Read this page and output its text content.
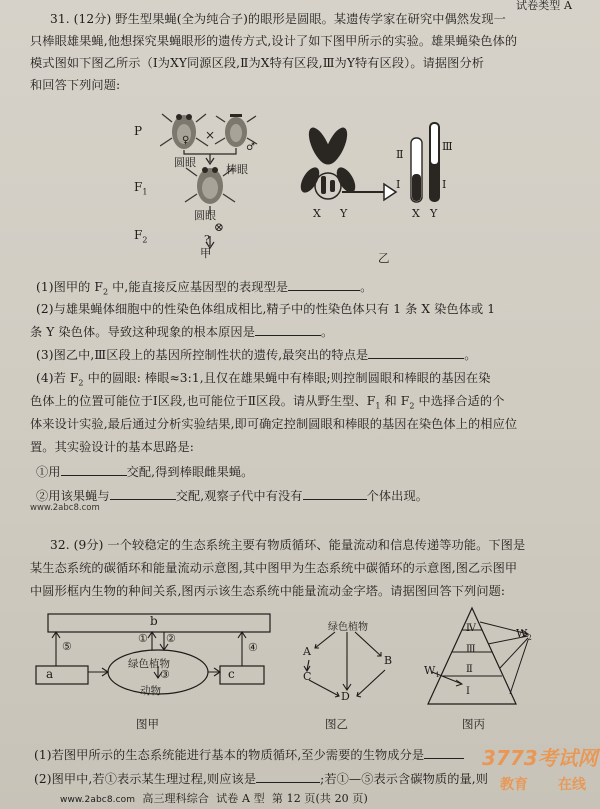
试卷类型 A
31. (12分) 野生型果蝇(全为纯合子)的眼形是圆眼。某遗传学家在研究中偶然发现一
只棒眼雄果蝇,他想探究果蝇眼形的遗传方式,设计了如下图甲所示的实验。雄果蝇染色体的
模式图如下图乙所示（Ⅰ为XY同源区段,Ⅱ为X特有区段,Ⅲ为Y特有区段）。请据图分析
和回答下列问题:
P
$F_1$
$F_2$
♀ ×
♂
圆眼
棒眼
圆眼
⊗
?
甲
X Y	X Y
Ⅱ
Ⅰ
Ⅲ
Ⅰ
乙
(1)图甲的 $F_2$ 中,能直接反应基因型的表现型是	。
(2)与雄果蝇体细胞中的性染色体组成相比,精子中的性染色体只有 1 条 X 染色体或 1
条 Y 染色体。导致这种现象的根本原因是	。
(3)图乙中,Ⅲ区段上的基因所控制性状的遗传,最突出的特点是	。
(4)若 $F_2$ 中的圆眼: 棒眼≈3:1,且仅在雄果蝇中有棒眼;则控制圆眼和棒眼的基因在染
色体上的位置可能位于Ⅰ区段,也可能位于Ⅱ区段。请从野生型、$F_1$ 和 $F_2$ 中选择合适的个
体来设计实验,最后通过分析实验结果,即可确定控制圆眼和棒眼的基因在染色体上的相应位
置。其实验设计的基本思路是:
①用	交配,得到棒眼雌果蝇。
②用该果蝇与	交配,观察子代中有没有	个体出现。
www.2abc8.com
32. (9分) 一个较稳定的生态系统主要有物质循环、能量流动和信息传递等功能。下图是
某生态系统的碳循环和能量流动示意图,其中图甲为生态系统中碳循环的示意图,图乙示图甲
中圆形框内生物的种间关系,图丙示该生态系统中能量流动金字塔。请据图回答下列问题:
b
a	c
⑤
① ②
③
④
绿色植物
动物
图甲
绿色植物
A
B
C
D
图乙
Ⅳ
Ⅲ
Ⅱ
Ⅰ
$W_1$
$W_2$
图丙
(1)若图甲所示的生态系统能进行基本的物质循环,至少需要的生物成分是
(2)图甲中,若①表示某生理过程,则应该是	;若①—⑤表示含碳物质的量,则
www.2abc8.com 高三理科综合 试卷 A 型 第 12 页(共 20 页)
3773考试网
教育 在线
